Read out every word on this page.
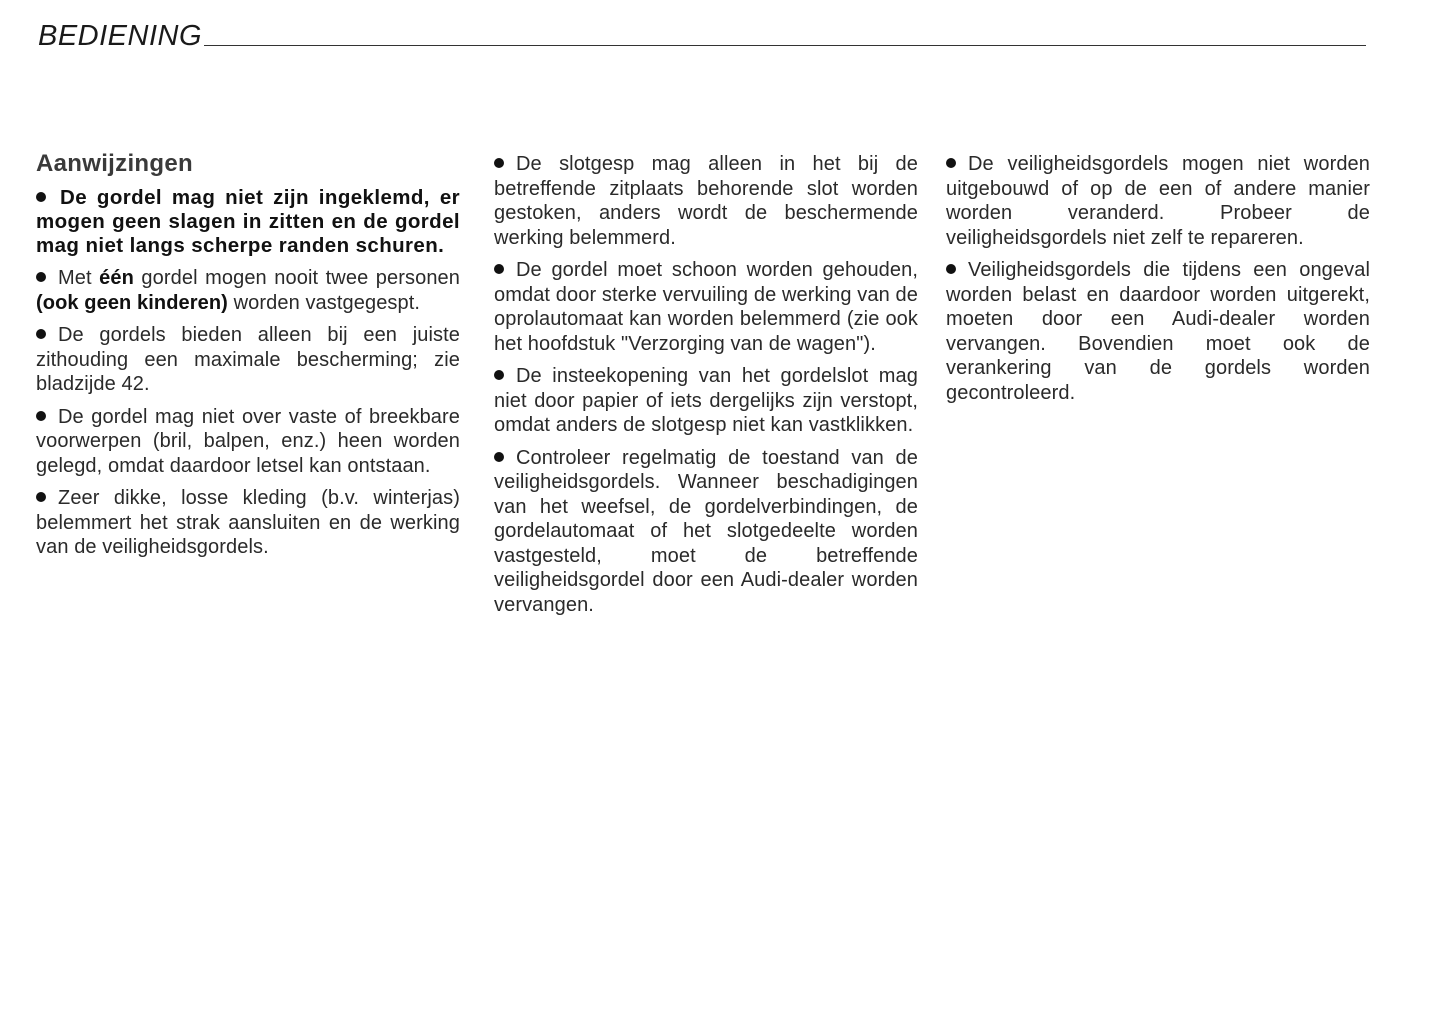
BEDIENING
Aanwijzingen

De gordel mag niet zijn ingeklemd, er mogen geen slagen in zitten en de gordel mag niet langs scherpe randen schuren.

Met één gordel mogen nooit twee personen (ook geen kinderen) worden vastgegespt.

De gordels bieden alleen bij een juiste zithouding een maximale bescherming; zie bladzijde 42.

De gordel mag niet over vaste of breekbare voorwerpen (bril, balpen, enz.) heen worden gelegd, omdat daardoor letsel kan ontstaan.

Zeer dikke, losse kleding (b.v. winterjas) belemmert het strak aansluiten en de werking van de veiligheidsgordels.

De slotgesp mag alleen in het bij de betreffende zitplaats behorende slot worden gestoken, anders wordt de beschermende werking belemmerd.

De gordel moet schoon worden gehouden, omdat door sterke vervuiling de werking van de oprolautomaat kan worden belemmerd (zie ook het hoofdstuk "Verzorging van de wagen").

De insteekopening van het gordelslot mag niet door papier of iets dergelijks zijn verstopt, omdat anders de slotgesp niet kan vastklikken.

Controleer regelmatig de toestand van de veiligheidsgordels. Wanneer beschadigingen van het weefsel, de gordelverbindingen, de gordelautomaat of het slotgedeelte worden vastgesteld, moet de betreffende veiligheidsgordel door een Audi-dealer worden vervangen.

De veiligheidsgordels mogen niet worden uitgebouwd of op de een of andere manier worden veranderd. Probeer de veiligheidsgordels niet zelf te repareren.

Veiligheidsgordels die tijdens een ongeval worden belast en daardoor worden uitgerekt, moeten door een Audi-dealer worden vervangen. Bovendien moet ook de verankering van de gordels worden gecontroleerd.
